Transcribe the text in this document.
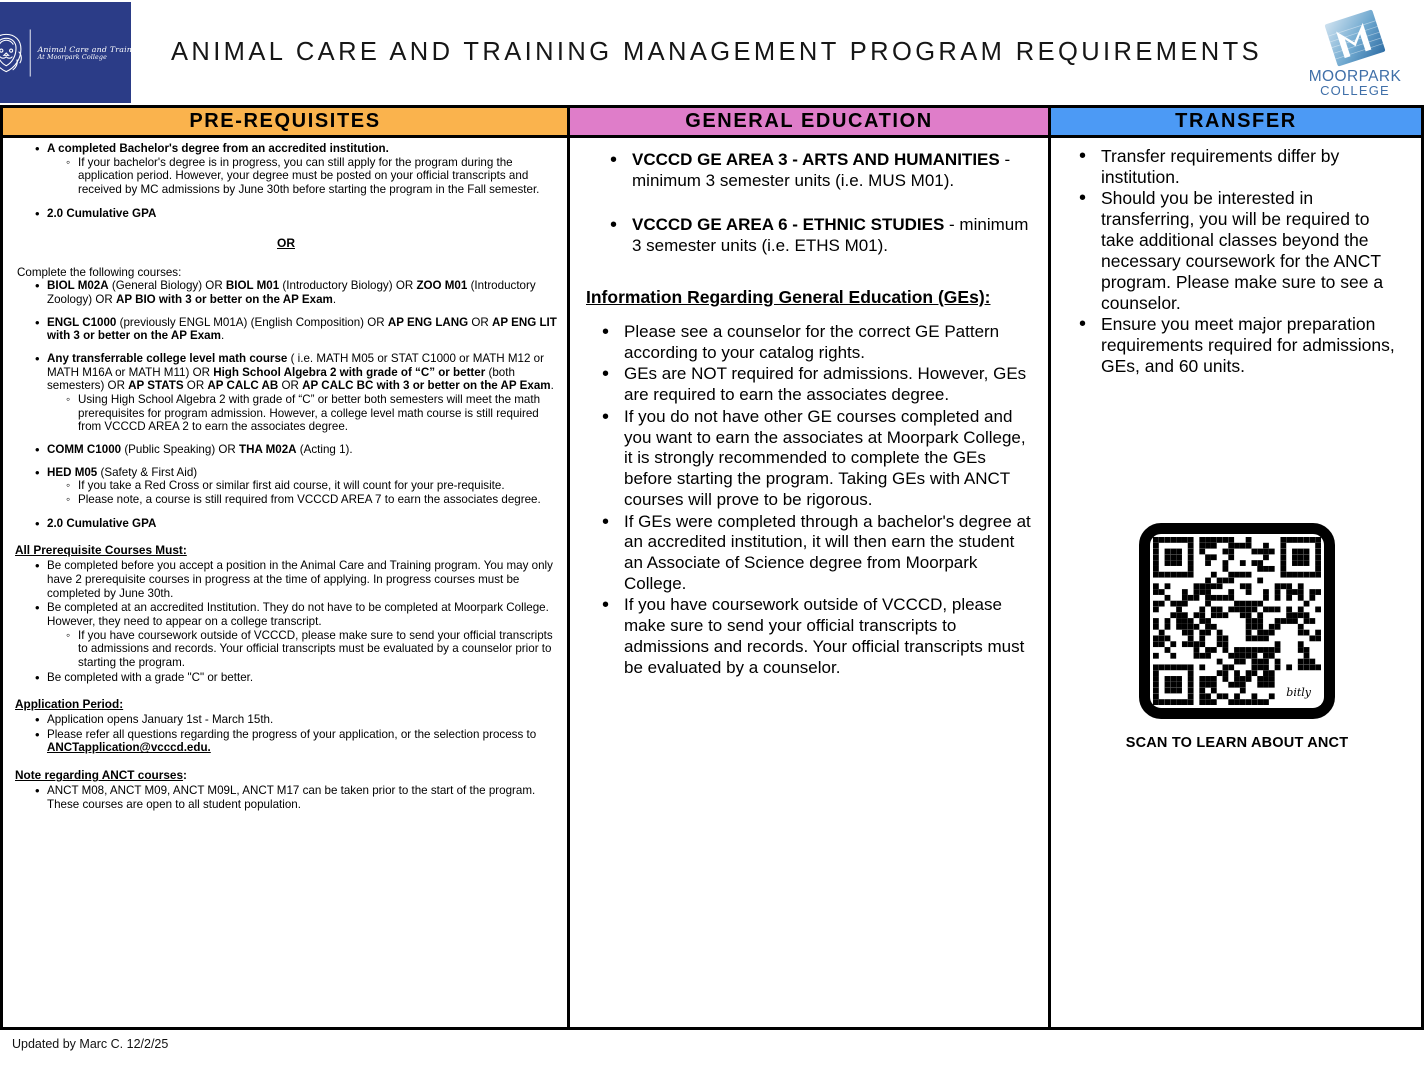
Animal Care and Training
At Moorpark College	ANIMAL CARE AND TRAINING MANAGEMENT PROGRAM REQUIREMENTS
MOORPARK
COLLEGE
PRE-REQUISITES	GENERAL EDUCATION	TRANSFER
• A completed Bachelor's degree from an accredited institution.
◦ If your bachelor's degree is in progress, you can still apply for the program during the application period. However, your degree must be posted on your official transcripts and received by MC admissions by June 30th before starting the program in the Fall semester.
• 2.0 Cumulative GPA
OR
Complete the following courses:
• BIOL M02A (General Biology) OR BIOL M01 (Introductory Biology) OR ZOO M01 (Introductory Zoology) OR AP BIO with 3 or better on the AP Exam.
• ENGL C1000 (previously ENGL M01A) (English Composition) OR AP ENG LANG OR AP ENG LIT with 3 or better on the AP Exam.
• Any transferrable college level math course ( i.e. MATH M05 or STAT C1000 or MATH M12 or MATH M16A or MATH M11) OR High School Algebra 2 with grade of “C” or better (both semesters) OR AP STATS OR AP CALC AB OR AP CALC BC with 3 or better on the AP Exam.
◦ Using High School Algebra 2 with grade of “C” or better both semesters will meet the math prerequisites for program admission. However, a college level math course is still required from VCCCD AREA 2 to earn the associates degree.
• COMM C1000 (Public Speaking) OR THA M02A (Acting 1).
• HED M05 (Safety & First Aid)
◦ If you take a Red Cross or similar first aid course, it will count for your pre-requisite.
◦ Please note, a course is still required from VCCCD AREA 7 to earn the associates degree.
• 2.0 Cumulative GPA
All Prerequisite Courses Must:
• Be completed before you accept a position in the Animal Care and Training program. You may only have 2 prerequisite courses in progress at the time of applying. In progress courses must be completed by June 30th.
• Be completed at an accredited Institution. They do not have to be completed at Moorpark College. However, they need to appear on a college transcript.
◦ If you have coursework outside of VCCCD, please make sure to send your official transcripts to admissions and records. Your official transcripts must be evaluated by a counselor prior to starting the program.
• Be completed with a grade "C" or better.
Application Period:
• Application opens January 1st - March 15th.
• Please refer all questions regarding the progress of your application, or the selection process to ANCTapplication@vcccd.edu.
Note regarding ANCT courses:
• ANCT M08, ANCT M09, ANCT M09L, ANCT M17 can be taken prior to the start of the program. These courses are open to all student population.
• VCCCD GE AREA 3 - ARTS AND HUMANITIES - minimum 3 semester units (i.e. MUS M01).
• VCCCD GE AREA 6 - ETHNIC STUDIES - minimum 3 semester units (i.e. ETHS M01).
Information Regarding General Education (GEs):
• Please see a counselor for the correct GE Pattern according to your catalog rights.
• GEs are NOT required for admissions. However, GEs are required to earn the associates degree.
• If you do not have other GE courses completed and you want to earn the associates at Moorpark College, it is strongly recommended to complete the GEs before starting the program. Taking GEs with ANCT courses will prove to be rigorous.
• If GEs were completed through a bachelor's degree at an accredited institution, it will then earn the student an Associate of Science degree from Moorpark College.
• If you have coursework outside of VCCCD, please make sure to send your official transcripts to admissions and records. Your official transcripts must be evaluated by a counselor.
• Transfer requirements differ by institution.
• Should you be interested in transferring, you will be required to take additional classes beyond the necessary coursework for the ANCT program. Please make sure to see a counselor.
• Ensure you meet major preparation requirements required for admissions, GEs, and 60 units.
bitly
SCAN TO LEARN ABOUT ANCT
Updated by Marc C. 12/2/25
